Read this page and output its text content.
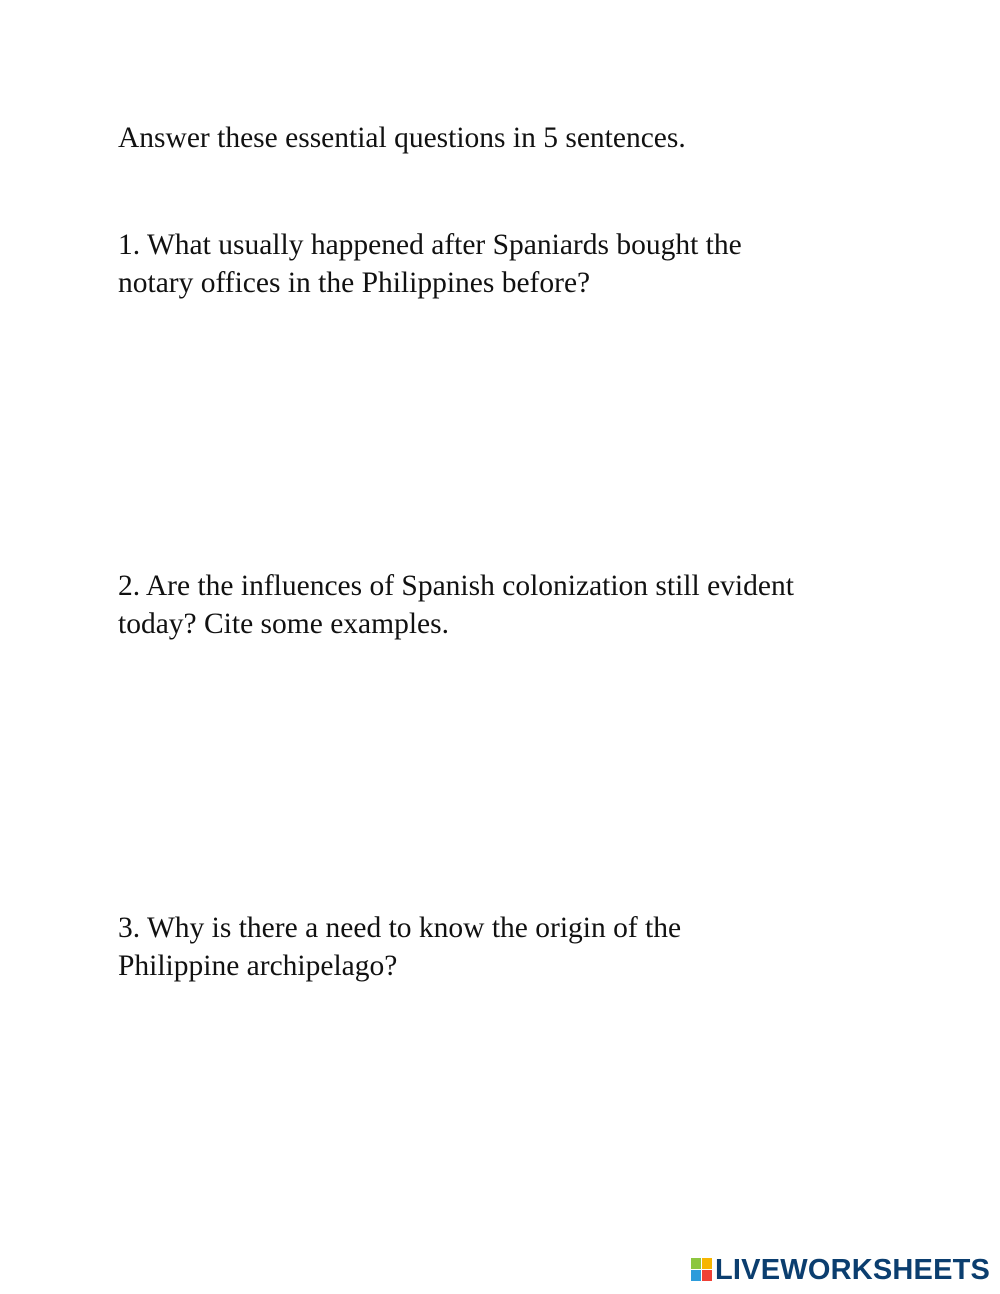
Answer these essential questions in 5 sentences.
1. What usually happened after Spaniards bought the
notary offices in the Philippines before?
2. Are the influences of Spanish colonization still evident
today? Cite some examples.
3. Why is there a need to know the origin of the
Philippine archipelago?
LIVEWORKSHEETS
